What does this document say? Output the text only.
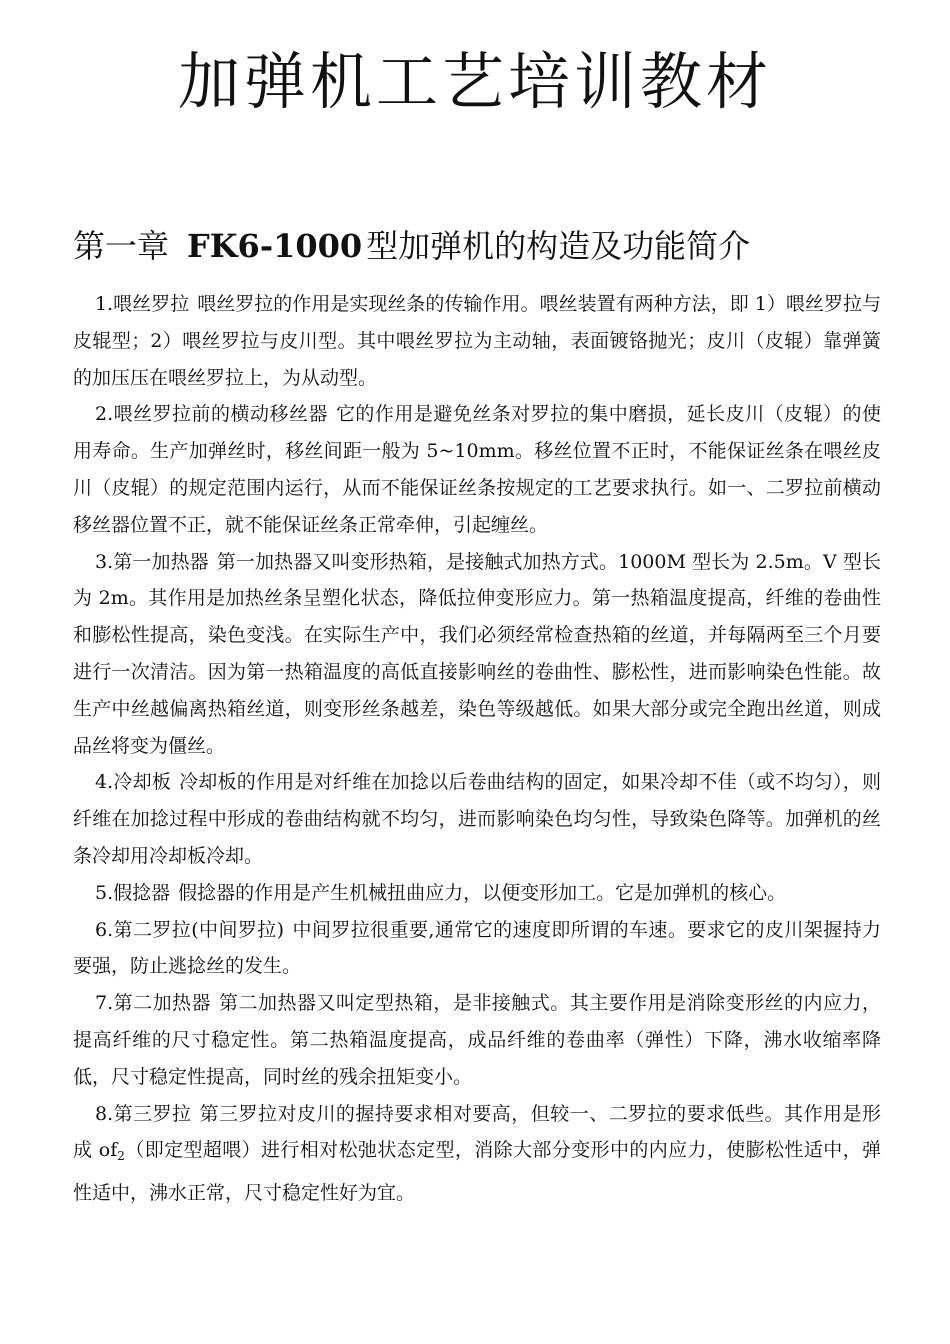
加弹机工艺培训教材
第一章 FK6-1000 型加弹机的构造及功能简介

1.喂丝罗拉 喂丝罗拉的作用是实现丝条的传输作用。喂丝装置有两种方法，即 1）喂丝罗拉与皮辊型；2）喂丝罗拉与皮川型。其中喂丝罗拉为主动轴，表面镀铬抛光；皮川（皮辊）靠弹簧的加压压在喂丝罗拉上，为从动型。

2.喂丝罗拉前的横动移丝器 它的作用是避免丝条对罗拉的集中磨损，延长皮川（皮辊）的使用寿命。生产加弹丝时，移丝间距一般为 5~10mm。移丝位置不正时，不能保证丝条在喂丝皮川（皮辊）的规定范围内运行，从而不能保证丝条按规定的工艺要求执行。如一、二罗拉前横动移丝器位置不正，就不能保证丝条正常牵伸，引起缠丝。

3.第一加热器 第一加热器又叫变形热箱，是接触式加热方式。1000M 型长为 2.5m。V 型长为 2m。其作用是加热丝条呈塑化状态，降低拉伸变形应力。第一热箱温度提高，纤维的卷曲性和膨松性提高，染色变浅。在实际生产中，我们必须经常检查热箱的丝道，并每隔两至三个月要进行一次清洁。因为第一热箱温度的高低直接影响丝的卷曲性、膨松性，进而影响染色性能。故生产中丝越偏离热箱丝道，则变形丝条越差，染色等级越低。如果大部分或完全跑出丝道，则成品丝将变为僵丝。

4.冷却板 冷却板的作用是对纤维在加捻以后卷曲结构的固定，如果冷却不佳（或不均匀），则纤维在加捻过程中形成的卷曲结构就不均匀，进而影响染色均匀性，导致染色降等。加弹机的丝条冷却用冷却板冷却。

5.假捻器 假捻器的作用是产生机械扭曲应力，以便变形加工。它是加弹机的核心。

6.第二罗拉(中间罗拉) 中间罗拉很重要,通常它的速度即所谓的车速。要求它的皮川架握持力要强，防止逃捻丝的发生。

7.第二加热器 第二加热器又叫定型热箱，是非接触式。其主要作用是消除变形丝的内应力，提高纤维的尺寸稳定性。第二热箱温度提高，成品纤维的卷曲率（弹性）下降，沸水收缩率降低，尺寸稳定性提高，同时丝的残余扭矩变小。

8.第三罗拉 第三罗拉对皮川的握持要求相对要高，但较一、二罗拉的要求低些。其作用是形成 $of_2$（即定型超喂）进行相对松弛状态定型，消除大部分变形中的内应力，使膨松性适中，弹性适中，沸水正常，尺寸稳定性好为宜。
